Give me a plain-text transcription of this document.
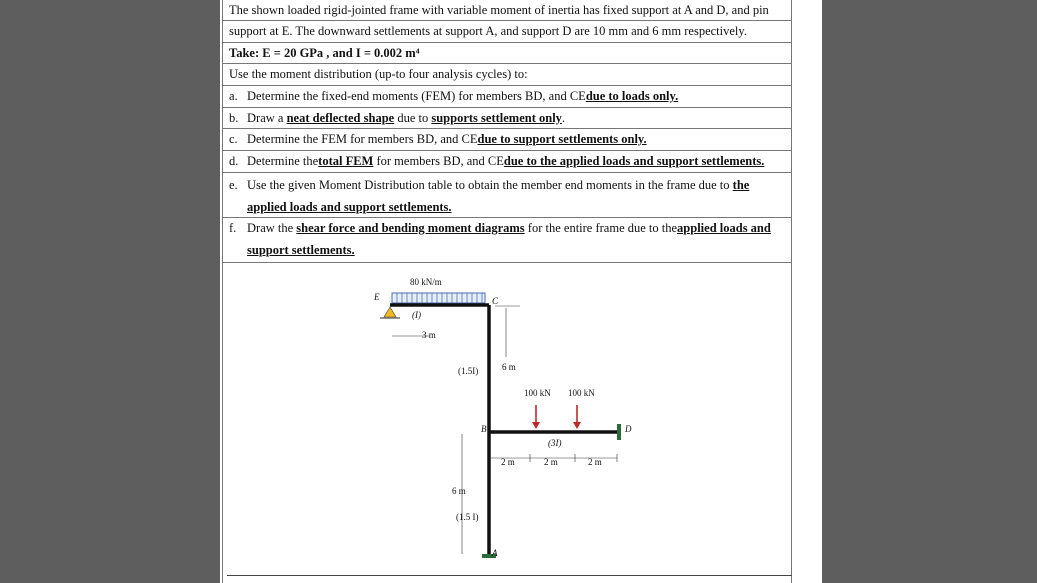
The shown loaded rigid-jointed frame with variable moment of inertia has fixed support at A and D, and pin
support at E. The downward settlements at support A, and support D are 10 mm and 6 mm respectively.
Take: E = 20 GPa , and I = 0.002 m⁴
Use the moment distribution (up-to four analysis cycles) to:
a. Determine the fixed-end moments (FEM) for members BD, and CEdue to loads only.
b. Draw a neat deflected shape due to supports settlement only.
c. Determine the FEM for members BD, and CEdue to support settlements only.
d. Determine thetotal FEM for members BD, and CEdue to the applied loads and support settlements.
e. Use the given Moment Distribution table to obtain the member end moments in the frame due to the
applied loads and support settlements.
f. Draw the shear force and bending moment diagrams for the entire frame due to theapplied loads and
support settlements.
80 kN/m
E	C
B
A
D
(I)
3 m
(1.5I)	6 m
100 kN 100 kN
(3I)
2 m	2 m	2 m
6 m
(1.5 I)
